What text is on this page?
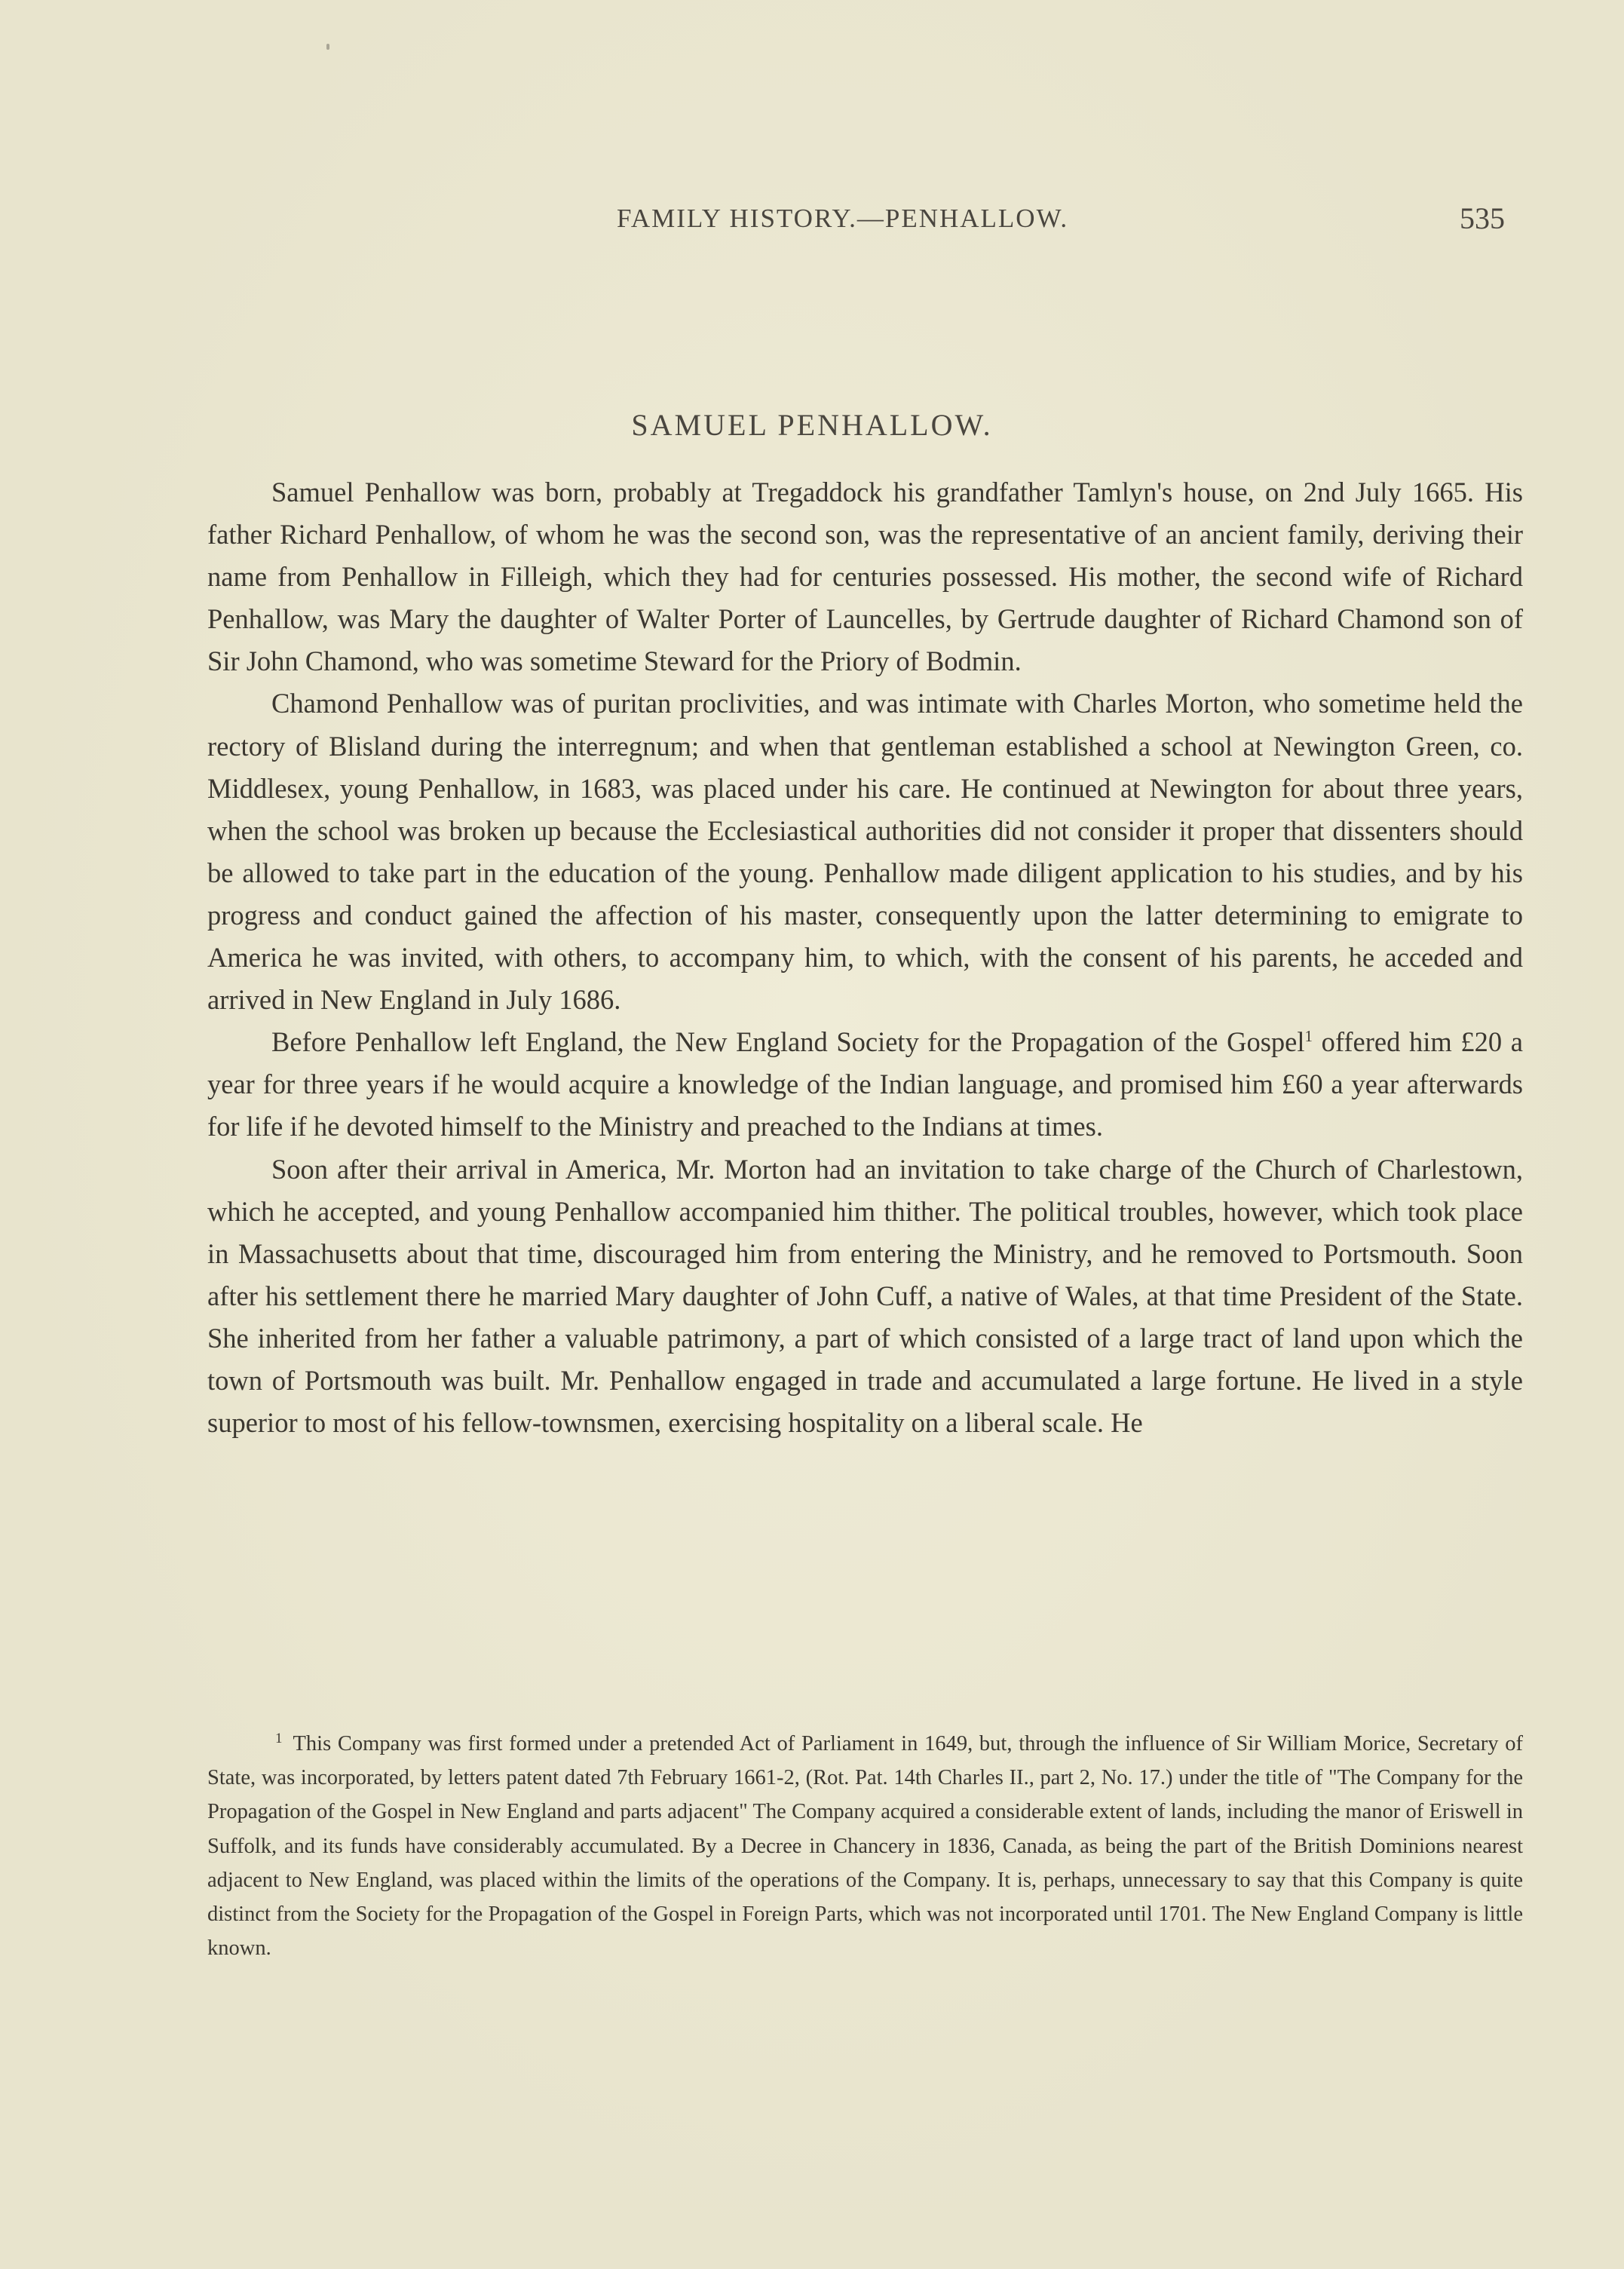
FAMILY HISTORY.—PENHALLOW.	535
SAMUEL PENHALLOW.

Samuel Penhallow was born, probably at Tregaddock his grandfather Tamlyn's house, on 2nd July 1665. His father Richard Penhallow, of whom he was the second son, was the representative of an ancient family, deriving their name from Penhallow in Filleigh, which they had for centuries possessed. His mother, the second wife of Richard Penhallow, was Mary the daughter of Walter Porter of Launcelles, by Gertrude daughter of Richard Chamond son of Sir John Chamond, who was sometime Steward for the Priory of Bodmin.

Chamond Penhallow was of puritan proclivities, and was intimate with Charles Morton, who sometime held the rectory of Blisland during the interregnum; and when that gentleman established a school at Newington Green, co. Middlesex, young Penhallow, in 1683, was placed under his care. He continued at Newington for about three years, when the school was broken up because the Ecclesiastical authorities did not consider it proper that dissenters should be allowed to take part in the education of the young. Penhallow made diligent application to his studies, and by his progress and conduct gained the affection of his master, consequently upon the latter determining to emigrate to America he was invited, with others, to accompany him, to which, with the consent of his parents, he acceded and arrived in New England in July 1686.

Before Penhallow left England, the New England Society for the Propagation of the Gospel$^1$ offered him £20 a year for three years if he would acquire a knowledge of the Indian language, and promised him £60 a year afterwards for life if he devoted himself to the Ministry and preached to the Indians at times.

Soon after their arrival in America, Mr. Morton had an invitation to take charge of the Church of Charlestown, which he accepted, and young Penhallow accompanied him thither. The political troubles, however, which took place in Massachusetts about that time, discouraged him from entering the Ministry, and he removed to Portsmouth. Soon after his settlement there he married Mary daughter of John Cuff, a native of Wales, at that time President of the State. She inherited from her father a valuable patrimony, a part of which consisted of a large tract of land upon which the town of Portsmouth was built. Mr. Penhallow engaged in trade and accumulated a large fortune. He lived in a style superior to most of his fellow-townsmen, exercising hospitality on a liberal scale. He

$^1$ This Company was first formed under a pretended Act of Parliament in 1649, but, through the influence of Sir William Morice, Secretary of State, was incorporated, by letters patent dated 7th February 1661-2, (Rot. Pat. 14th Charles II., part 2, No. 17.) under the title of "The Company for the Propagation of the Gospel in New England and parts adjacent" The Company acquired a considerable extent of lands, including the manor of Eriswell in Suffolk, and its funds have considerably accumulated. By a Decree in Chancery in 1836, Canada, as being the part of the British Dominions nearest adjacent to New England, was placed within the limits of the operations of the Company. It is, perhaps, unnecessary to say that this Company is quite distinct from the Society for the Propagation of the Gospel in Foreign Parts, which was not incorporated until 1701. The New England Company is little known.
